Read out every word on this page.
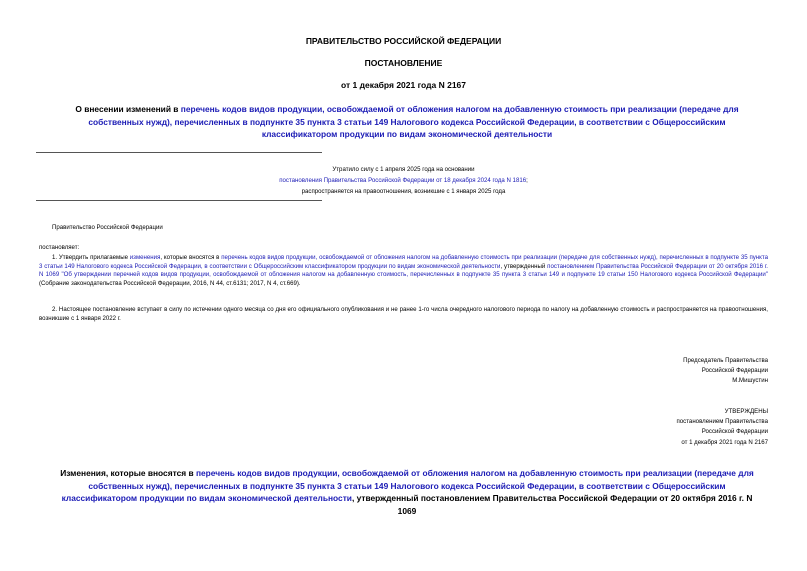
ПРАВИТЕЛЬСТВО РОССИЙСКОЙ ФЕДЕРАЦИИ
ПОСТАНОВЛЕНИЕ
от 1 декабря 2021 года N 2167
О внесении изменений в перечень кодов видов продукции, освобождаемой от обложения налогом на добавленную стоимость при реализации (передаче для собственных нужд), перечисленных в подпункте 35 пункта 3 статьи 149 Налогового кодекса Российской Федерации, в соответствии с Общероссийским классификатором продукции по видам экономической деятельности
Утратило силу с 1 апреля 2025 года на основании
постановления Правительства Российской Федерации от 18 декабря 2024 года N 1816;
распространяется на правоотношения, возникшие с 1 января 2025 года
Правительство Российской Федерации
постановляет:
1. Утвердить прилагаемые изменения, которые вносятся в перечень кодов видов продукции, освобождаемой от обложения налогом на добавленную стоимость при реализации (передаче для собственных нужд), перечисленных в подпункте 35 пункта 3 статьи 149 Налогового кодекса Российской Федерации, в соответствии с Общероссийским классификатором продукции по видам экономической деятельности, утвержденный постановлением Правительства Российской Федерации от 20 октября 2016 г. N 1069 "Об утверждении перечней кодов видов продукции, освобождаемой от обложения налогом на добавленную стоимость, перечисленных в подпункте 35 пункта 3 статьи 149 и подпункте 19 статьи 150 Налогового кодекса Российской Федерации" (Собрание законодательства Российской Федерации, 2016, N 44, ст.6131; 2017, N 4, ст.669).
2. Настоящее постановление вступает в силу по истечении одного месяца со дня его официального опубликования и не ранее 1-го числа очередного налогового периода по налогу на добавленную стоимость и распространяется на правоотношения, возникшие с 1 января 2022 г.
Председатель Правительства
Российской Федерации
М.Мишустин
УТВЕРЖДЕНЫ
постановлением Правительства
Российской Федерации
от 1 декабря 2021 года N 2167
Изменения, которые вносятся в перечень кодов видов продукции, освобождаемой от обложения налогом на добавленную стоимость при реализации (передаче для собственных нужд), перечисленных в подпункте 35 пункта 3 статьи 149 Налогового кодекса Российской Федерации, в соответствии с Общероссийским классификатором продукции по видам экономической деятельности, утвержденный постановлением Правительства Российской Федерации от 20 октября 2016 г. N 1069
